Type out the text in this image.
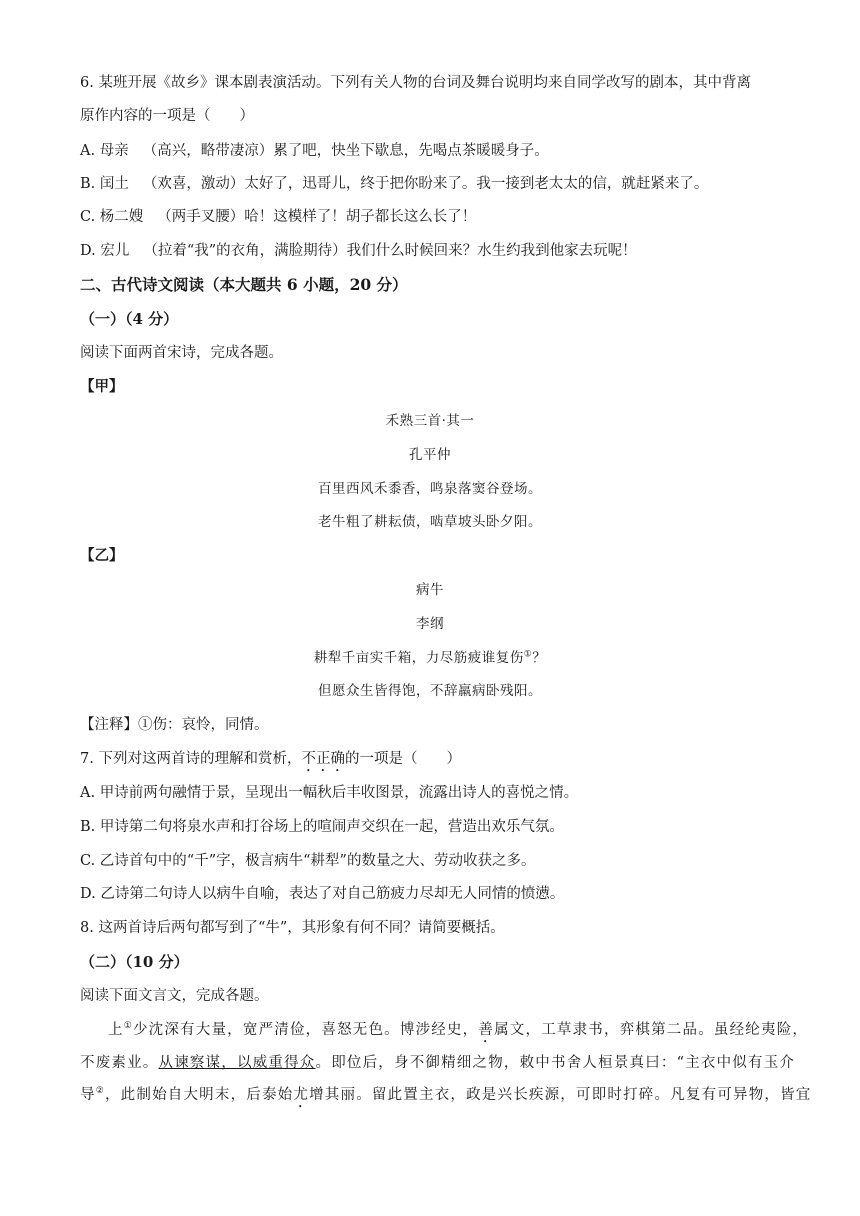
6. 某班开展《故乡》课本剧表演活动。下列有关人物的台词及舞台说明均来自同学改写的剧本，其中背离
原作内容的一项是（　　）
A. 母亲 （高兴，略带凄凉）累了吧，快坐下歇息，先喝点茶暖暖身子。
B. 闰土 （欢喜，激动）太好了，迅哥儿，终于把你盼来了。我一接到老太太的信，就赶紧来了。
C. 杨二嫂 （两手叉腰）哈！这模样了！胡子都长这么长了！
D. 宏儿 （拉着“我”的衣角，满脸期待）我们什么时候回来？水生约我到他家去玩呢！
二、古代诗文阅读（本大题共 6 小题，20 分）
（一）（4 分）
阅读下面两首宋诗，完成各题。
【甲】
禾熟三首·其一
孔平仲
百里西风禾黍香，鸣泉落窦谷登场。
老牛粗了耕耘债，啮草坡头卧夕阳。
【乙】
病牛
李纲
耕犁千亩实千箱，力尽筋疲谁复伤①？
但愿众生皆得饱，不辞羸病卧残阳。
【注释】①伤：哀怜，同情。
7. 下列对这两首诗的理解和赏析，不正确的一项是（　　）
A. 甲诗前两句融情于景，呈现出一幅秋后丰收图景，流露出诗人的喜悦之情。
B. 甲诗第二句将泉水声和打谷场上的喧闹声交织在一起，营造出欢乐气氛。
C. 乙诗首句中的“千”字，极言病牛“耕犁”的数量之大、劳动收获之多。
D. 乙诗第二句诗人以病牛自喻，表达了对自己筋疲力尽却无人同情的愤懑。
8. 这两首诗后两句都写到了“牛”，其形象有何不同？请简要概括。
（二）（10 分）
阅读下面文言文，完成各题。
上①少沈深有大量，宽严清俭，喜怒无色。博涉经史，善属文，工草隶书，弈棋第二品。虽经纶夷险，
不废素业。从谏察谋，以威重得众。即位后，身不御精细之物，敕中书舍人桓景真曰：“主衣中似有玉介
导②，此制始自大明末，后泰始尤增其丽。留此置主衣，政是兴长疾源，可即时打碎。凡复有可异物，皆宜
